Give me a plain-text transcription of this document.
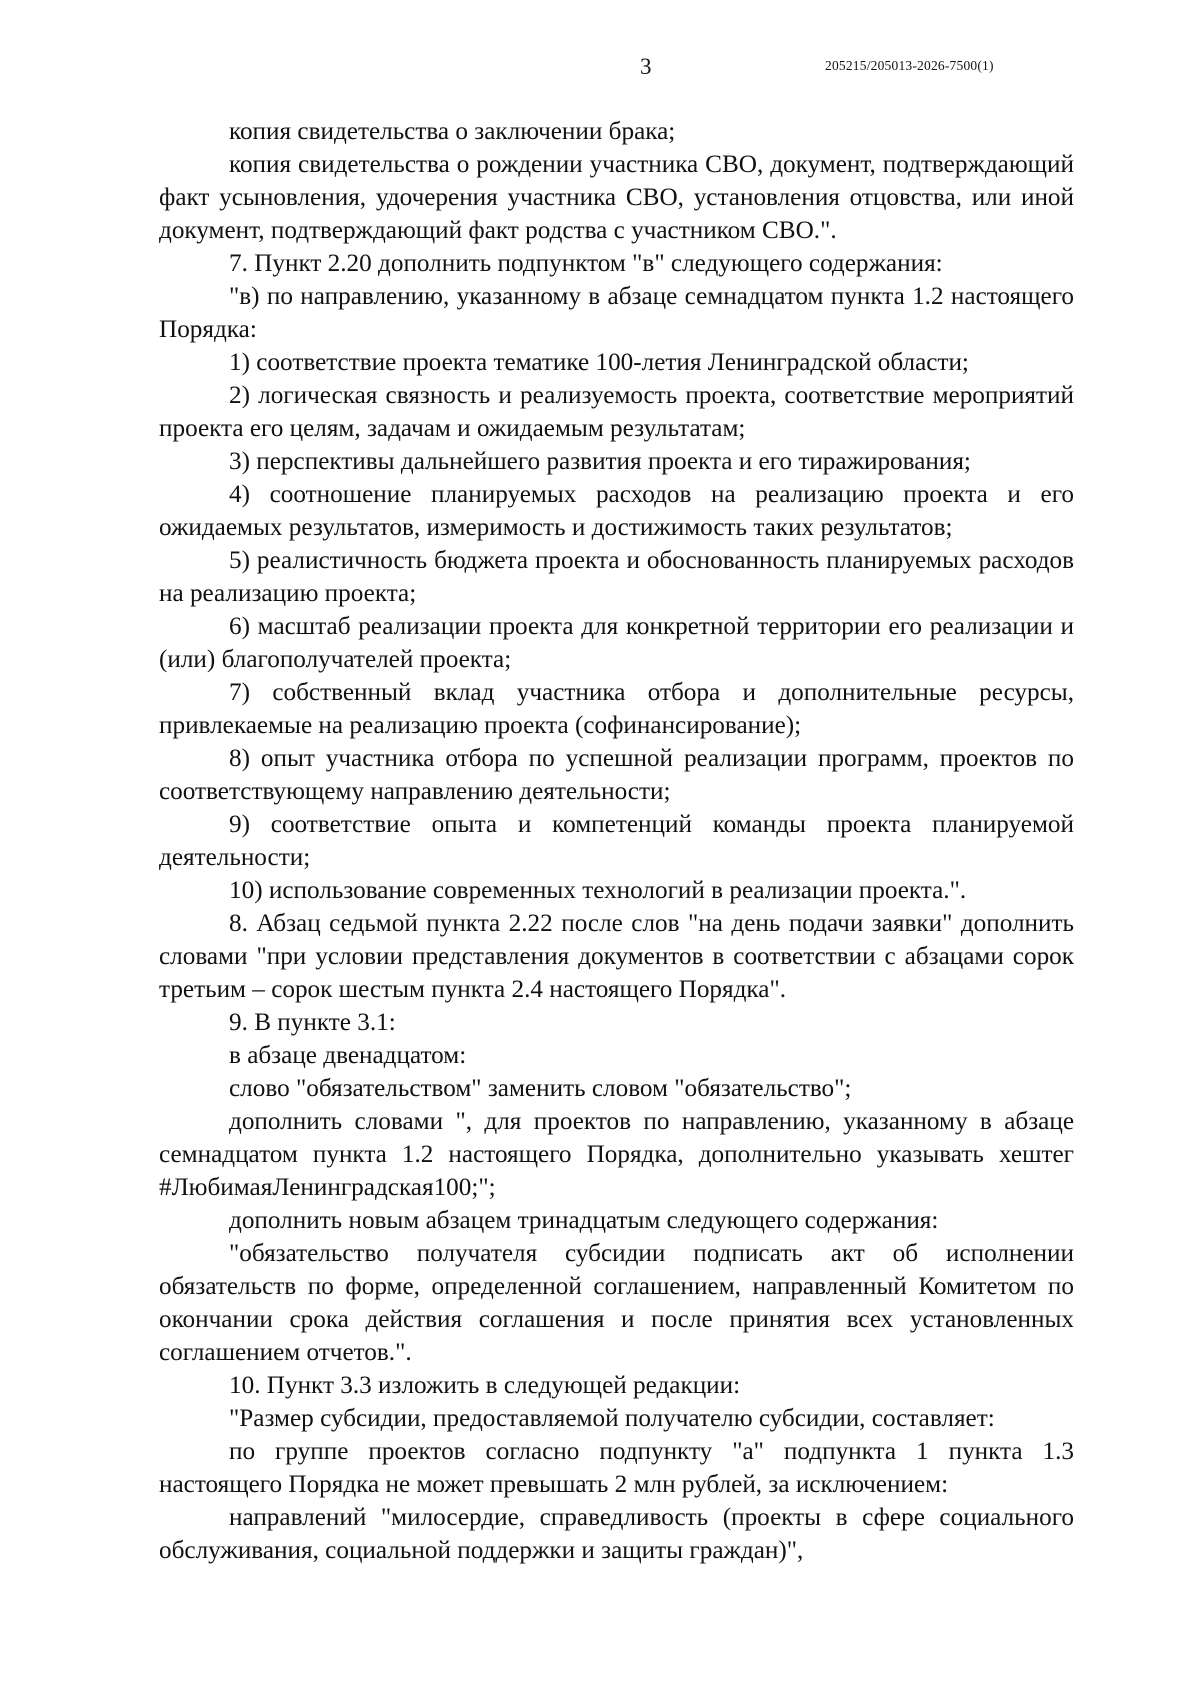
3	205215/205013-2026-7500(1)

копия свидетельства о заключении брака;

копия свидетельства о рождении участника СВО, документ, подтверждающий факт усыновления, удочерения участника СВО, установления отцовства, или иной документ, подтверждающий факт родства с участником СВО.".

7. Пункт 2.20 дополнить подпунктом "в" следующего содержания:

"в) по направлению, указанному в абзаце семнадцатом пункта 1.2 настоящего Порядка:

1) соответствие проекта тематике 100-летия Ленинградской области;

2) логическая связность и реализуемость проекта, соответствие мероприятий проекта его целям, задачам и ожидаемым результатам;

3) перспективы дальнейшего развития проекта и его тиражирования;

4) соотношение планируемых расходов на реализацию проекта и его ожидаемых результатов, измеримость и достижимость таких результатов;

5) реалистичность бюджета проекта и обоснованность планируемых расходов на реализацию проекта;

6) масштаб реализации проекта для конкретной территории его реализации и (или) благополучателей проекта;

7) собственный вклад участника отбора и дополнительные ресурсы, привлекаемые на реализацию проекта (софинансирование);

8) опыт участника отбора по успешной реализации программ, проектов по соответствующему направлению деятельности;

9) соответствие опыта и компетенций команды проекта планируемой деятельности;

10) использование современных технологий в реализации проекта.".

8. Абзац седьмой пункта 2.22 после слов "на день подачи заявки" дополнить словами "при условии представления документов в соответствии с абзацами сорок третьим – сорок шестым пункта 2.4 настоящего Порядка".

9. В пункте 3.1:

в абзаце двенадцатом:

слово "обязательством" заменить словом "обязательство";

дополнить словами ", для проектов по направлению, указанному в абзаце семнадцатом пункта 1.2 настоящего Порядка, дополнительно указывать хештег #ЛюбимаяЛенинградская100;";

дополнить новым абзацем тринадцатым следующего содержания:

"обязательство получателя субсидии подписать акт об исполнении обязательств по форме, определенной соглашением, направленный Комитетом по окончании срока действия соглашения и после принятия всех установленных соглашением отчетов.".

10. Пункт 3.3 изложить в следующей редакции:

"Размер субсидии, предоставляемой получателю субсидии, составляет:

по группе проектов согласно подпункту "а" подпункта 1 пункта 1.3 настоящего Порядка не может превышать 2 млн рублей, за исключением:

направлений "милосердие, справедливость (проекты в сфере социального обслуживания, социальной поддержки и защиты граждан)",
